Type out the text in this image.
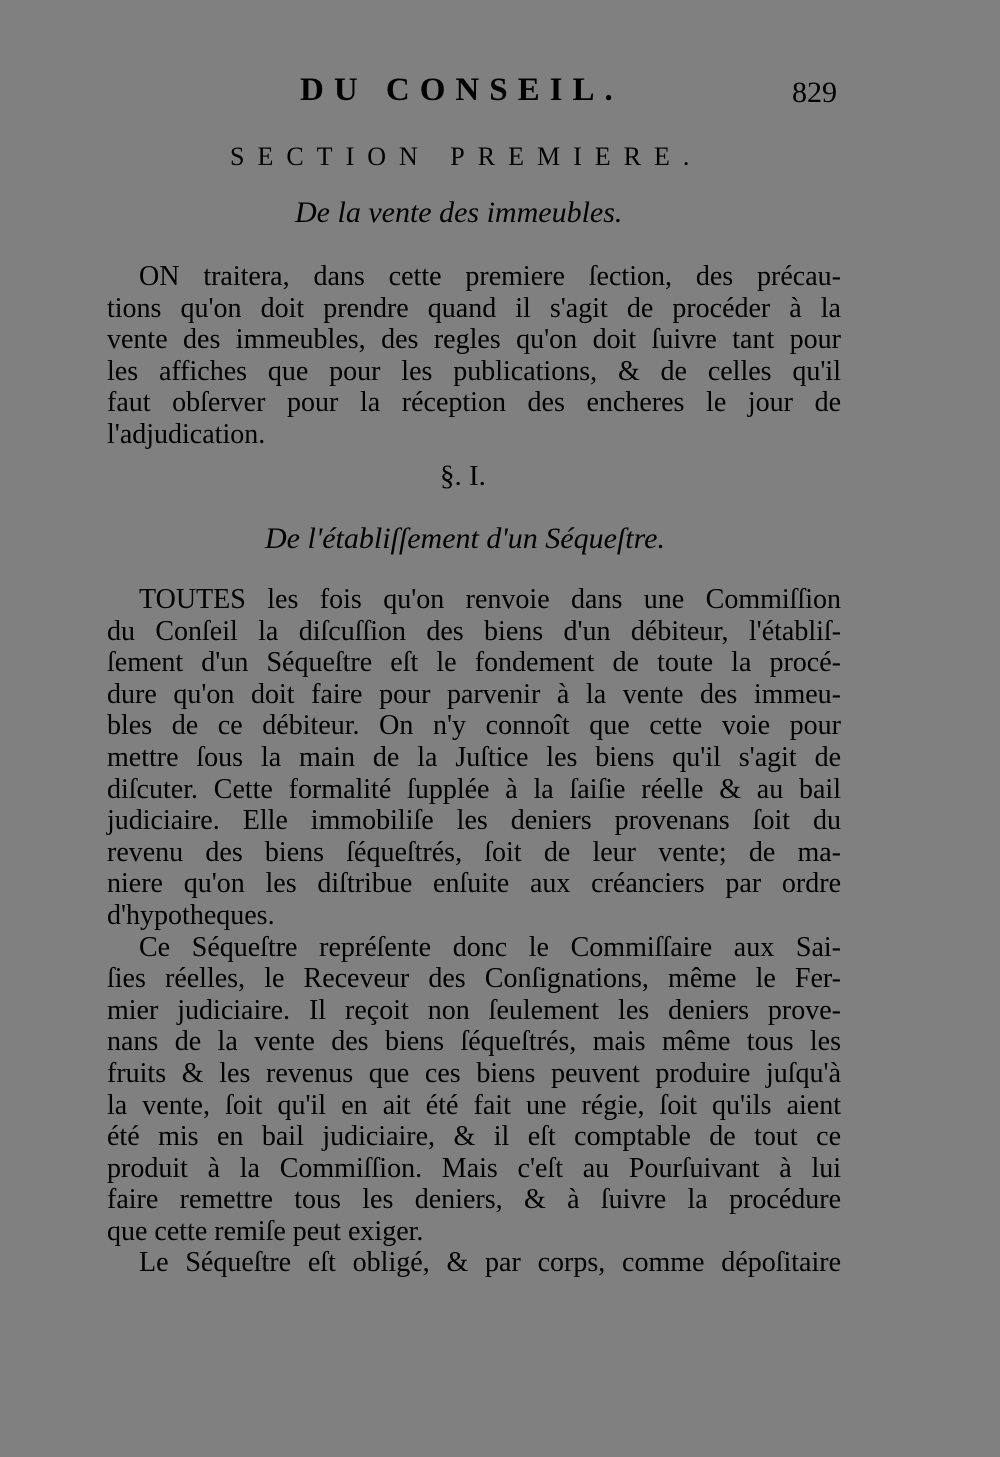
DU CONSEIL.	829
SECTION PREMIERE.
De la vente des immeubles.
ON traitera, dans cette premiere ſection, des précau-
tions qu'on doit prendre quand il s'agit de procéder à la
vente des immeubles, des regles qu'on doit ſuivre tant pour
les affiches que pour les publications, & de celles qu'il
faut obſerver pour la réception des encheres le jour de
l'adjudication.
§. I.
De l'établiſſement d'un Séqueſtre.
TOUTES les fois qu'on renvoie dans une Commiſſion
du Conſeil la diſcuſſion des biens d'un débiteur, l'établiſ-
ſement d'un Séqueſtre eſt le fondement de toute la procé-
dure qu'on doit faire pour parvenir à la vente des immeu-
bles de ce débiteur. On n'y connoît que cette voie pour
mettre ſous la main de la Juſtice les biens qu'il s'agit de
diſcuter. Cette formalité ſupplée à la ſaiſie réelle & au bail
judiciaire. Elle immobiliſe les deniers provenans ſoit du
revenu des biens ſéqueſtrés, ſoit de leur vente; de ma-
niere qu'on les diſtribue enſuite aux créanciers par ordre
d'hypotheques.
Ce Séqueſtre repréſente donc le Commiſſaire aux Sai-
ſies réelles, le Receveur des Conſignations, même le Fer-
mier judiciaire. Il reçoit non ſeulement les deniers prove-
nans de la vente des biens ſéqueſtrés, mais même tous les
fruits & les revenus que ces biens peuvent produire juſqu'à
la vente, ſoit qu'il en ait été fait une régie, ſoit qu'ils aient
été mis en bail judiciaire, & il eſt comptable de tout ce
produit à la Commiſſion. Mais c'eſt au Pourſuivant à lui
faire remettre tous les deniers, & à ſuivre la procédure
que cette remiſe peut exiger.
Le Séqueſtre eſt obligé, & par corps, comme dépoſitaire
